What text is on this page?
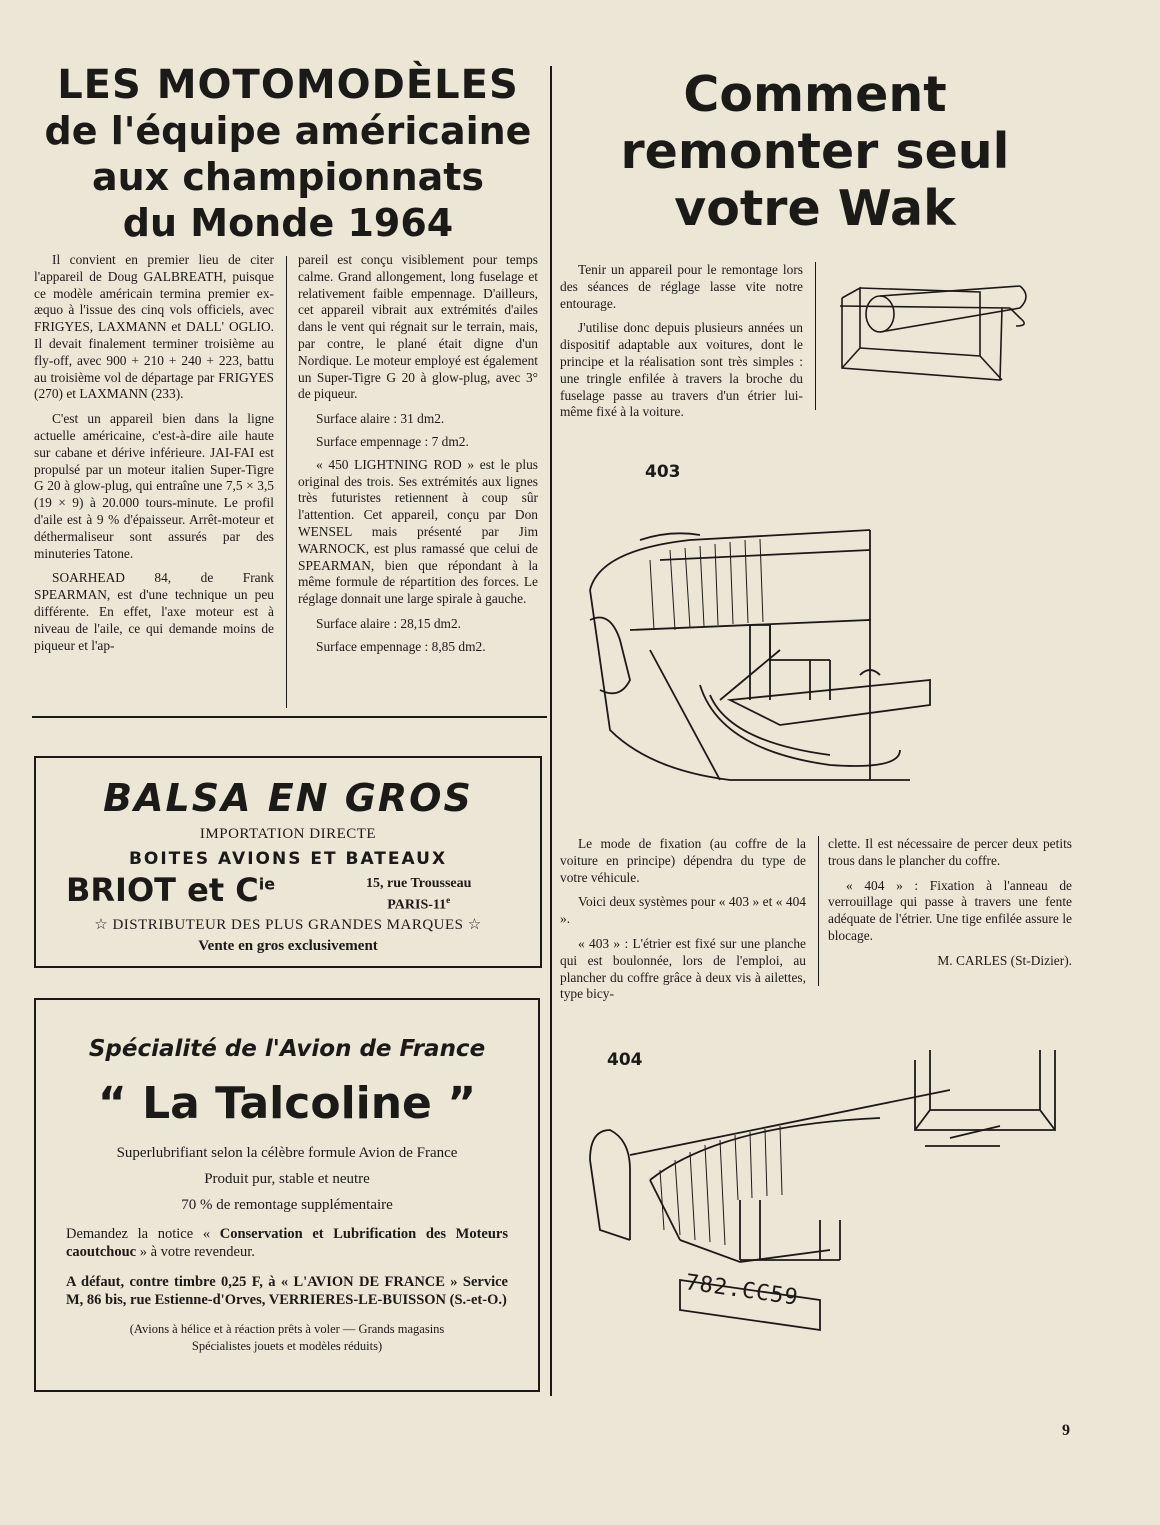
LES MOTOMODÈLES
de l'équipe américaine
aux championnats
du Monde 1964

Il convient en premier lieu de citer l'appareil de Doug GALBREATH, puisque ce modèle américain termina premier ex-æquo à l'issue des cinq vols officiels, avec FRIGYES, LAXMANN et DALL' OGLIO. Il devait finalement terminer troisième au fly-off, avec 900 + 210 + 240 + 223, battu au troisième vol de départage par FRIGYES (270) et LAXMANN (233).

C'est un appareil bien dans la ligne actuelle américaine, c'est-à-dire aile haute sur cabane et dérive inférieure. JAI-FAI est propulsé par un moteur italien Super-Tigre G 20 à glow-plug, qui entraîne une 7,5 × 3,5 (19 × 9) à 20.000 tours-minute. Le profil d'aile est à 9 % d'épaisseur. Arrêt-moteur et déthermaliseur sont assurés par des minuteries Tatone.

SOARHEAD 84, de Frank SPEARMAN, est d'une technique un peu différente. En effet, l'axe moteur est à niveau de l'aile, ce qui demande moins de piqueur et l'ap-

pareil est conçu visiblement pour temps calme. Grand allongement, long fuselage et relativement faible empennage. D'ailleurs, cet appareil vibrait aux extrémités d'ailes dans le vent qui régnait sur le terrain, mais, par contre, le plané était digne d'un Nordique. Le moteur employé est également un Super-Tigre G 20 à glow-plug, avec 3° de piqueur.

Surface alaire : 31 dm2.

Surface empennage : 7 dm2.

« 450 LIGHTNING ROD » est le plus original des trois. Ses extrémités aux lignes très futuristes retiennent à coup sûr l'attention. Cet appareil, conçu par Don WENSEL mais présenté par Jim WARNOCK, est plus ramassé que celui de SPEARMAN, bien que répondant à la même formule de répartition des forces. Le réglage donnait une large spirale à gauche.

Surface alaire : 28,15 dm2.

Surface empennage : 8,85 dm2.

Comment
remonter seul
votre Wak

Tenir un appareil pour le remontage lors des séances de réglage lasse vite notre entourage.

J'utilise donc depuis plusieurs années un dispositif adaptable aux voitures, dont le principe et la réalisation sont très simples : une tringle enfilée à travers la broche du fuselage passe au travers d'un étrier lui-même fixé à la voiture.

403

Le mode de fixation (au coffre de la voiture en principe) dépendra du type de votre véhicule.

Voici deux systèmes pour « 403 » et « 404 ».

« 403 » : L'étrier est fixé sur une planche qui est boulonnée, lors de l'emploi, au plancher du coffre grâce à deux vis à ailettes, type bicy-

clette. Il est nécessaire de percer deux petits trous dans le plancher du coffre.

« 404 » : Fixation à l'anneau de verrouillage qui passe à travers une fente adéquate de l'étrier. Une tige enfilée assure le blocage.

M. CARLES (St-Dizier).

404
782.CC59
BALSA EN GROS
IMPORTATION DIRECTE
BOITES AVIONS ET BATEAUX
BRIOT et $C^{ie}$	15, rue Trousseau
PARIS-11e
☆ DISTRIBUTEUR DES PLUS GRANDES MARQUES ☆
Vente en gros exclusivement
Spécialité de l'Avion de France
“ La Talcoline ”
Superlubrifiant selon la célèbre formule Avion de France
Produit pur, stable et neutre
70 % de remontage supplémentaire
Demandez la notice « Conservation et Lubrification des Moteurs caoutchouc » à votre revendeur.
A défaut, contre timbre 0,25 F, à « L'AVION DE FRANCE » Service M, 86 bis, rue Estienne-d'Orves, VERRIERES-LE-BUISSON (S.-et-O.)
(Avions à hélice et à réaction prêts à voler — Grands magasins
Spécialistes jouets et modèles réduits)
9
